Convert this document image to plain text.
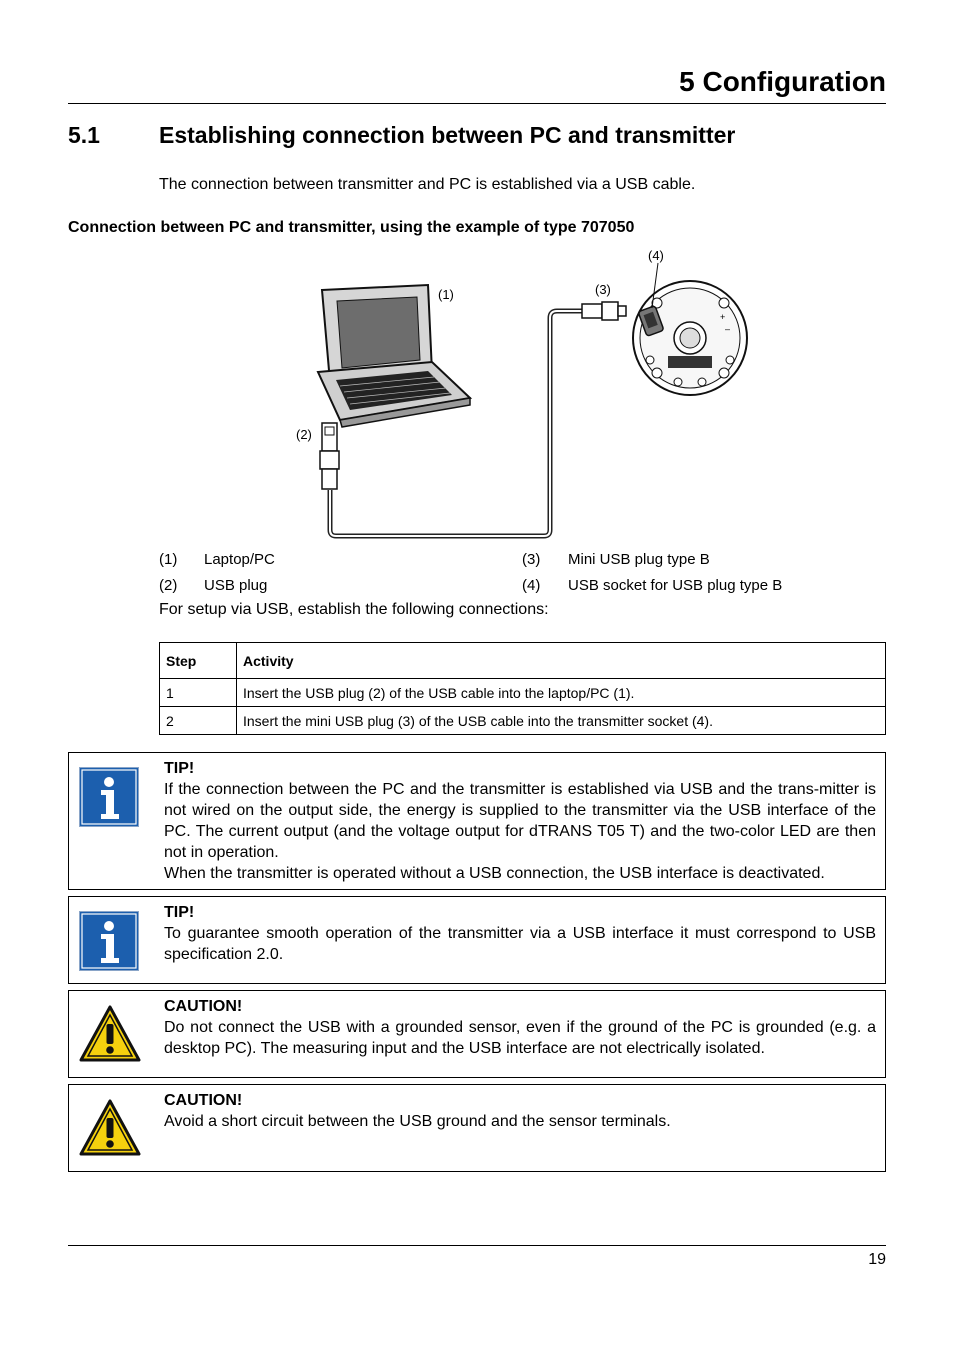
5 Configuration
5.1	Establishing connection between PC and transmitter
The connection between transmitter and PC is established via a USB cable.
Connection between PC and transmitter, using the example of type 707050
+
–
(1)
(2)
(3)
(4)
(1) Laptop/PC
(2) USB plug
(3) Mini USB plug type B
(4) USB socket for USB plug type B
For setup via USB, establish the following connections:
Step	Activity
1	Insert the USB plug (2) of the USB cable into the laptop/PC (1).
2	Insert the mini USB plug (3) of the USB cable into the transmitter socket (4).
TIP!
If the connection between the PC and the transmitter is established via USB and the trans-mitter is not wired on the output side, the energy is supplied to the transmitter via the USB interface of the PC. The current output (and the voltage output for dTRANS T05 T) and the two-color LED are then not in operation.
When the transmitter is operated without a USB connection, the USB interface is deactivated.
TIP!
To guarantee smooth operation of the transmitter via a USB interface it must correspond to USB specification 2.0.
CAUTION!
Do not connect the USB with a grounded sensor, even if the ground of the PC is grounded (e.g. a desktop PC). The measuring input and the USB interface are not electrically isolated.
CAUTION!
Avoid a short circuit between the USB ground and the sensor terminals.
19
